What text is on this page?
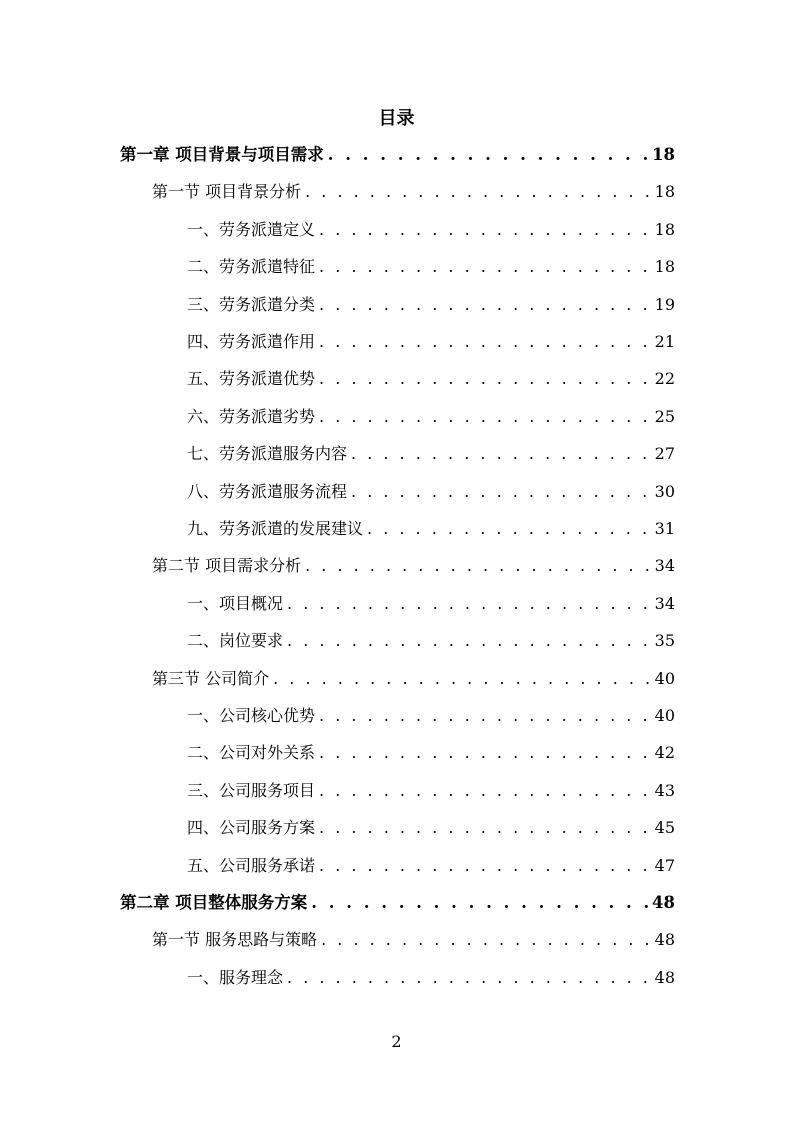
目录
第一章 项目背景与项目需求 . . .	18
第一节 项目背景分析 . . .	18
一、劳务派遣定义 . . .	18
二、劳务派遣特征 . . .	18
三、劳务派遣分类 . . .	19
四、劳务派遣作用 . . .	21
五、劳务派遣优势 . . .	22
六、劳务派遣劣势 . . .	25
七、劳务派遣服务内容 . . .	27
八、劳务派遣服务流程 . . .	30
九、劳务派遣的发展建议 . . .	31
第二节 项目需求分析 . . .	34
一、项目概况 . . .	34
二、岗位要求 . . .	35
第三节 公司简介 . . .	40
一、公司核心优势 . . .	40
二、公司对外关系 . . .	42
三、公司服务项目 . . .	43
四、公司服务方案 . . .	45
五、公司服务承诺 . . .	47
第二章 项目整体服务方案 . . .	48
第一节 服务思路与策略 . . .	48
一、服务理念 . . .	48
2
